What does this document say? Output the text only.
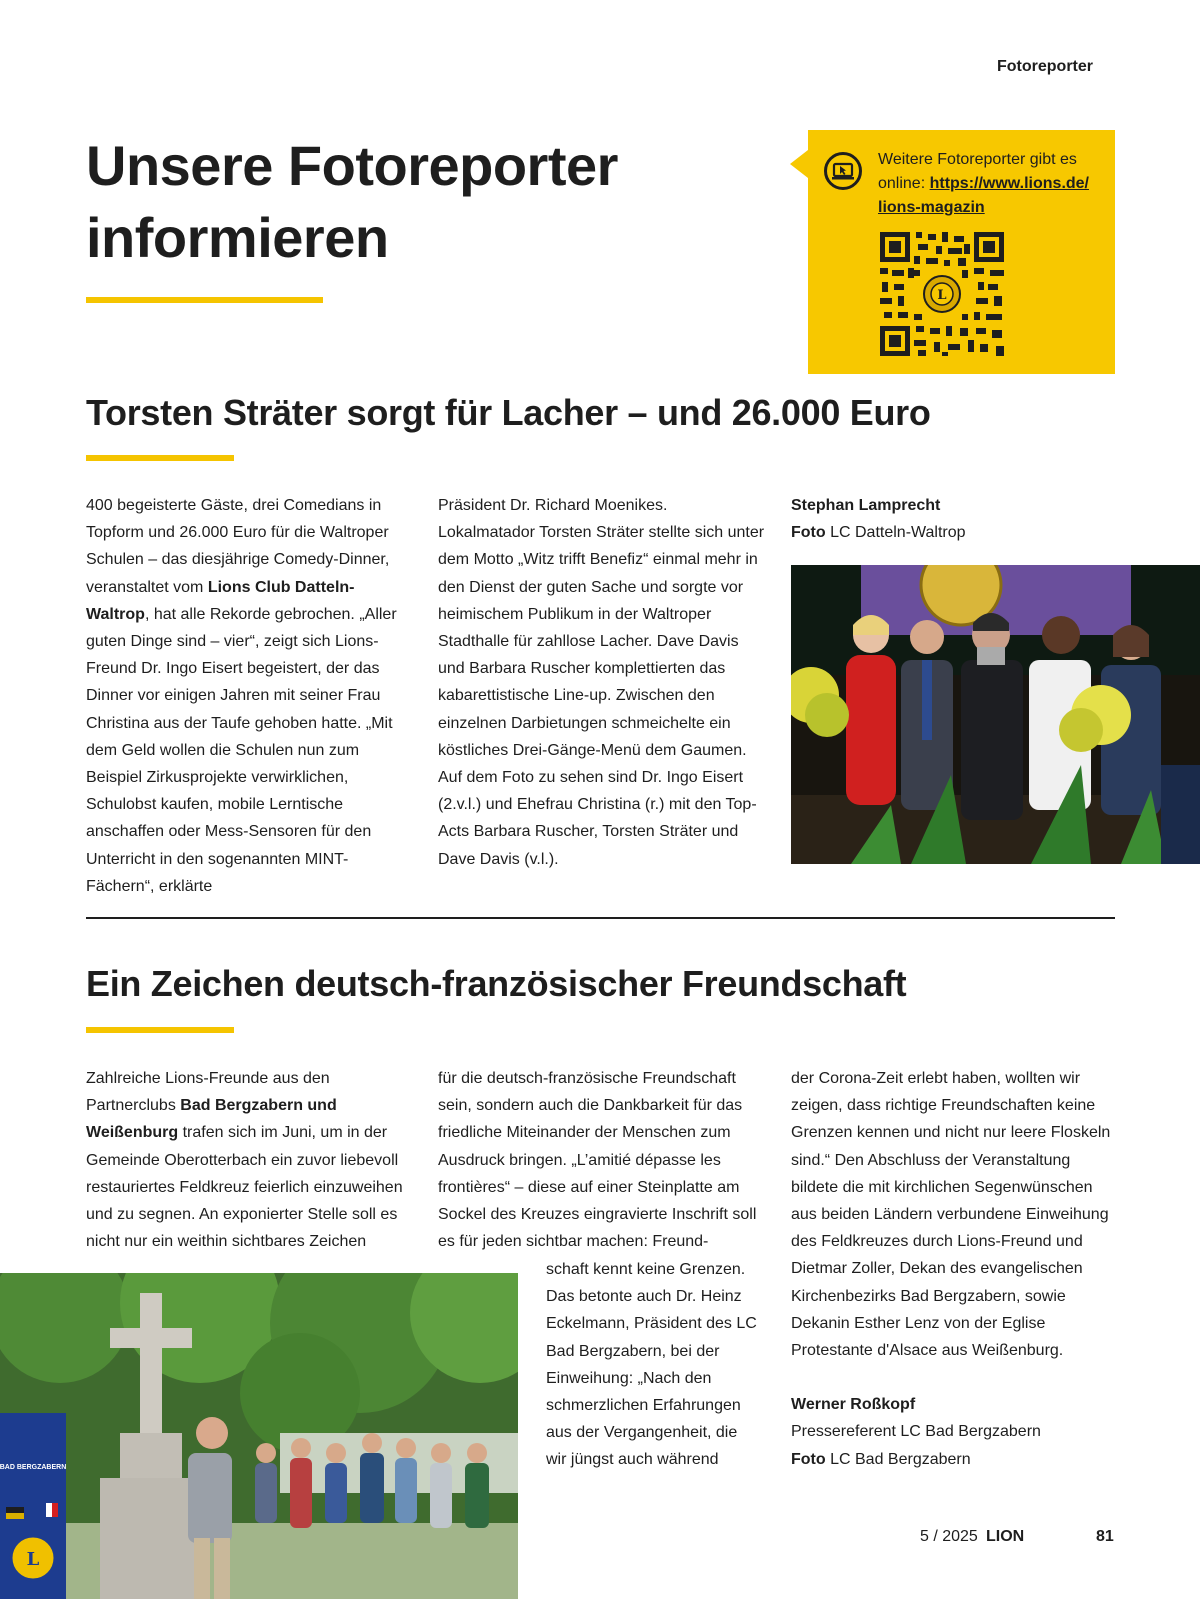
Fotoreporter
Unsere Fotoreporter
informieren
Weitere Fotoreporter gibt es online: https://www.lions.de/ lions-magazin
L
Torsten Sträter sorgt für Lacher – und 26.000 Euro

400 begeisterte Gäste, drei Comedians in Topform und 26.000 Euro für die Waltroper Schulen – das diesjährige Comedy-Dinner, veranstaltet vom Lions Club Datteln-Waltrop, hat alle Rekorde gebrochen. „Aller guten Dinge sind – vier“, zeigt sich Lions-Freund Dr. Ingo Eisert begeistert, der das Dinner vor einigen Jahren mit seiner Frau Christina aus der Taufe gehoben hatte. „Mit dem Geld wollen die Schulen nun zum Beispiel Zirkusprojekte verwirklichen, Schulobst kaufen, mobile Lerntische anschaffen oder Mess-Sensoren für den Unterricht in den sogenannten MINT-Fächern“, erklärte

Präsident Dr. Richard Moenikes. Lokalmatador Torsten Sträter stellte sich unter dem Motto „Witz trifft Benefiz“ einmal mehr in den Dienst der guten Sache und sorgte vor heimischem Publikum in der Waltroper Stadthalle für zahllose Lacher. Dave Davis und Barbara Ruscher komplettierten das kabarettistische Line-up. Zwischen den einzelnen Darbietungen schmeichelte ein köstliches Drei-Gänge-Menü dem Gaumen. Auf dem Foto zu sehen sind Dr. Ingo Eisert (2.v.l.) und Ehefrau Christina (r.) mit den Top-Acts Barbara Ruscher, Torsten Sträter und Dave Davis (v.l.).

Stephan Lamprecht

Foto LC Datteln-Waltrop

Ein Zeichen deutsch-französischer Freundschaft

Zahlreiche Lions-Freunde aus den Partnerclubs Bad Bergzabern und Weißenburg trafen sich im Juni, um in der Gemeinde Oberotterbach ein zuvor liebevoll restauriertes Feldkreuz feierlich einzuweihen und zu segnen. An exponierter Stelle soll es nicht nur ein weithin sichtbares Zeichen

für die deutsch-französische Freundschaft sein, sondern auch die Dankbarkeit für das friedliche Miteinander der Menschen zum Ausdruck bringen. „L’amitié dépasse les frontières“ – diese auf einer Steinplatte am Sockel des Kreuzes eingravierte Inschrift soll es für jeden sichtbar machen: Freund-

schaft kennt keine Grenzen. Das betonte auch Dr. Heinz Eckelmann, Präsident des LC Bad Bergzabern, bei der Einweihung: „Nach den schmerzlichen Erfahrungen aus der Vergangenheit, die wir jüngst auch während

der Corona-Zeit erlebt haben, wollten wir zeigen, dass richtige Freundschaften keine Grenzen kennen und nicht nur leere Floskeln sind.“ Den Abschluss der Veranstaltung bildete die mit kirchlichen Segenwünschen aus beiden Ländern verbundene Einweihung des Feldkreuzes durch Lions-Freund und Dietmar Zoller, Dekan des evangelischen Kirchenbezirks Bad Bergzabern, sowie Dekanin Esther Lenz von der Eglise Protestante d'Alsace aus Weißenburg.

Werner Roßkopf

Pressereferent LC Bad Bergzabern

Foto LC Bad Bergzabern

BAD BERGZABERN
L
5 / 2025 LION	81
